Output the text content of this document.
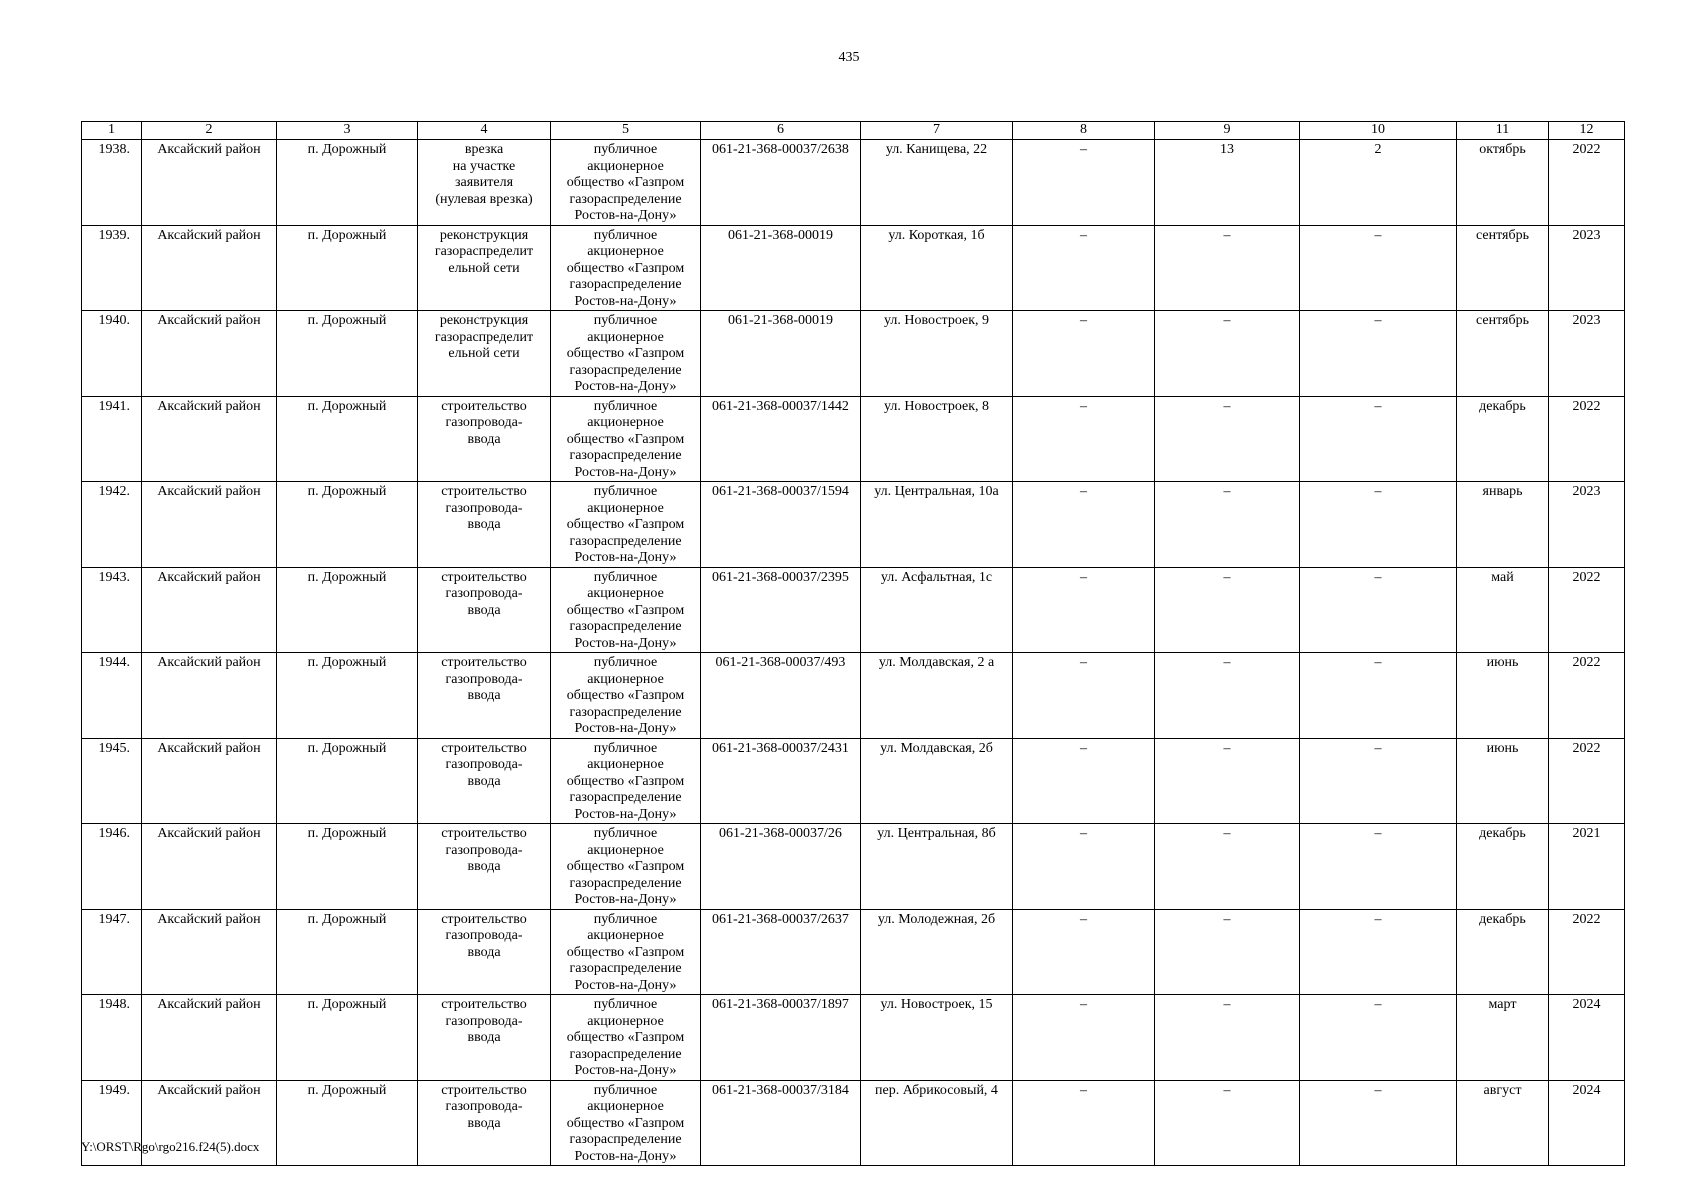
435
1	2	3	4	5	6	7	8	9	10	11	12
1938.	Аксайский район	п. Дорожный	врезка
на участке
заявителя
(нулевая врезка)	публичное
акционерное
общество «Газпром
газораспределение
Ростов-на-Дону»	061-21-368-00037/2638	ул. Канищева, 22	–	13	2	октябрь	2022
1939.	Аксайский район	п. Дорожный	реконструкция
газораспределит
ельной сети	публичное
акционерное
общество «Газпром
газораспределение
Ростов-на-Дону»	061-21-368-00019	ул. Короткая, 1б	–	–	–	сентябрь	2023
1940.	Аксайский район	п. Дорожный	реконструкция
газораспределит
ельной сети	публичное
акционерное
общество «Газпром
газораспределение
Ростов-на-Дону»	061-21-368-00019	ул. Новостроек, 9	–	–	–	сентябрь	2023
1941.	Аксайский район	п. Дорожный	строительство
газопровода-
ввода	публичное
акционерное
общество «Газпром
газораспределение
Ростов-на-Дону»	061-21-368-00037/1442	ул. Новостроек, 8	–	–	–	декабрь	2022
1942.	Аксайский район	п. Дорожный	строительство
газопровода-
ввода	публичное
акционерное
общество «Газпром
газораспределение
Ростов-на-Дону»	061-21-368-00037/1594	ул. Центральная, 10а	–	–	–	январь	2023
1943.	Аксайский район	п. Дорожный	строительство
газопровода-
ввода	публичное
акционерное
общество «Газпром
газораспределение
Ростов-на-Дону»	061-21-368-00037/2395	ул. Асфальтная, 1с	–	–	–	май	2022
1944.	Аксайский район	п. Дорожный	строительство
газопровода-
ввода	публичное
акционерное
общество «Газпром
газораспределение
Ростов-на-Дону»	061-21-368-00037/493	ул. Молдавская, 2 а	–	–	–	июнь	2022
1945.	Аксайский район	п. Дорожный	строительство
газопровода-
ввода	публичное
акционерное
общество «Газпром
газораспределение
Ростов-на-Дону»	061-21-368-00037/2431	ул. Молдавская, 2б	–	–	–	июнь	2022
1946.	Аксайский район	п. Дорожный	строительство
газопровода-
ввода	публичное
акционерное
общество «Газпром
газораспределение
Ростов-на-Дону»	061-21-368-00037/26	ул. Центральная, 8б	–	–	–	декабрь	2021
1947.	Аксайский район	п. Дорожный	строительство
газопровода-
ввода	публичное
акционерное
общество «Газпром
газораспределение
Ростов-на-Дону»	061-21-368-00037/2637	ул. Молодежная, 2б	–	–	–	декабрь	2022
1948.	Аксайский район	п. Дорожный	строительство
газопровода-
ввода	публичное
акционерное
общество «Газпром
газораспределение
Ростов-на-Дону»	061-21-368-00037/1897	ул. Новостроек, 15	–	–	–	март	2024
1949.	Аксайский район	п. Дорожный	строительство
газопровода-
ввода	публичное
акционерное
общество «Газпром
газораспределение
Ростов-на-Дону»	061-21-368-00037/3184	пер. Абрикосовый, 4	–	–	–	август	2024
Y:\ORST\Rgo\rgo216.f24(5).docx
